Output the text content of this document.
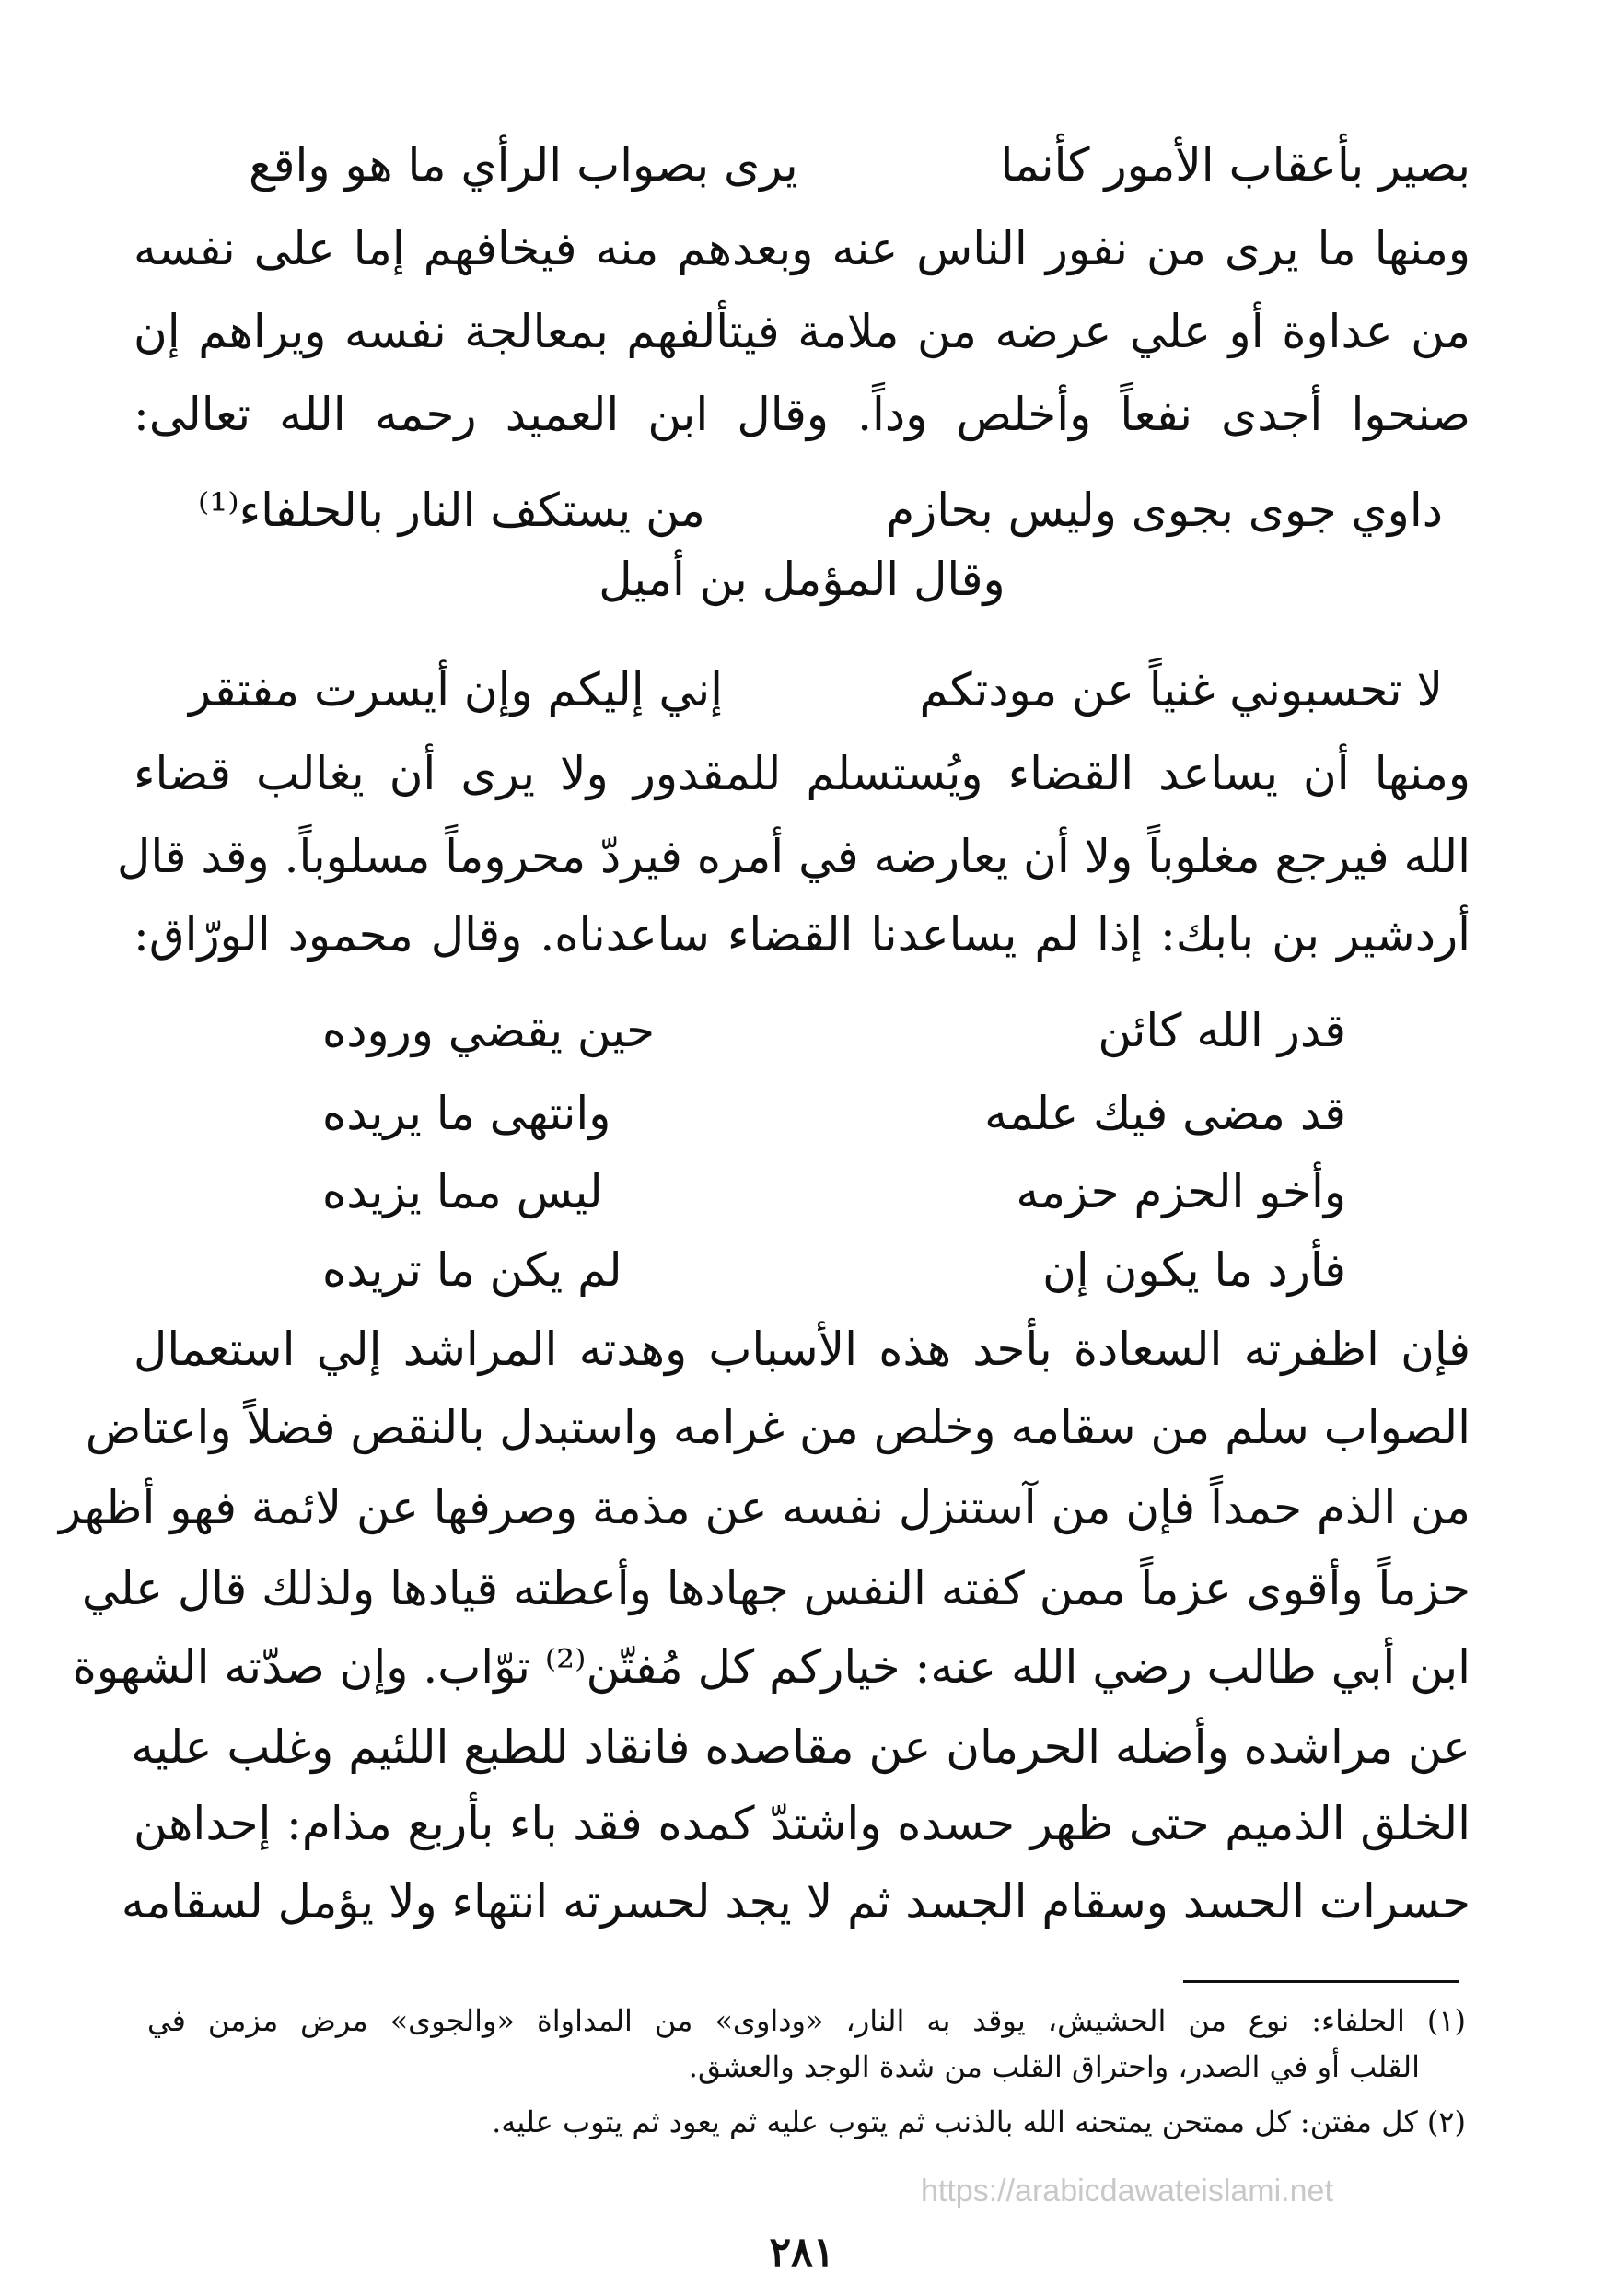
بصير بأعقاب الأمور كأنما
يرى بصواب الرأي ما هو واقع
ومنها ما يرى من نفور الناس عنه وبعدهم منه فيخافهم إما على نفسه
من عداوة أو علي عرضه من ملامة فيتألفهم بمعالجة نفسه ويراهم إن
صنحوا أجدى نفعاً وأخلص وداً. وقال ابن العميد رحمه الله تعالى:
داوي جوى بجوى وليس بحازم
من يستكف النار بالحلفاء⁽¹⁾
وقال المؤمل بن أميل
لا تحسبوني غنياً عن مودتكم
إني إليكم وإن أيسرت مفتقر
ومنها أن يساعد القضاء ويُستسلم للمقدور ولا يرى أن يغالب قضاء
الله فيرجع مغلوباً ولا أن يعارضه في أمره فيردّ محروماً مسلوباً. وقد قال
أردشير بن بابك: إذا لم يساعدنا القضاء ساعدناه. وقال محمود الورّاق:
قدر الله كائن
حين يقضي وروده
قد مضى فيك علمه
وانتهى ما يريده
وأخو الحزم حزمه
ليس مما يزيده
فأرد ما يكون إن
لم يكن ما تريده
فإن اظفرته السعادة بأحد هذه الأسباب وهدته المراشد إلي استعمال
الصواب سلم من سقامه وخلص من غرامه واستبدل بالنقص فضلاً واعتاض
من الذم حمداً فإن من آستنزل نفسه عن مذمة وصرفها عن لائمة فهو أظهر
حزماً وأقوى عزماً ممن كفته النفس جهادها وأعطته قيادها ولذلك قال علي
ابن أبي طالب رضي الله عنه: خياركم كل مُفتّن⁽²⁾ توّاب. وإن صدّته الشهوة
عن مراشده وأضله الحرمان عن مقاصده فانقاد للطبع اللئيم وغلب عليه
الخلق الذميم حتى ظهر حسده واشتدّ كمده فقد باء بأربع مذام: إحداهن
حسرات الحسد وسقام الجسد ثم لا يجد لحسرته انتهاء ولا يؤمل لسقامه
(١) الحلفاء: نوع من الحشيش، يوقد به النار، «وداوى» من المداواة «والجوى» مرض مزمن في
القلب أو في الصدر، واحتراق القلب من شدة الوجد والعشق.
(٢) كل مفتن: كل ممتحن يمتحنه الله بالذنب ثم يتوب عليه ثم يعود ثم يتوب عليه.
https://arabicdawateislami.net
٢٨١
